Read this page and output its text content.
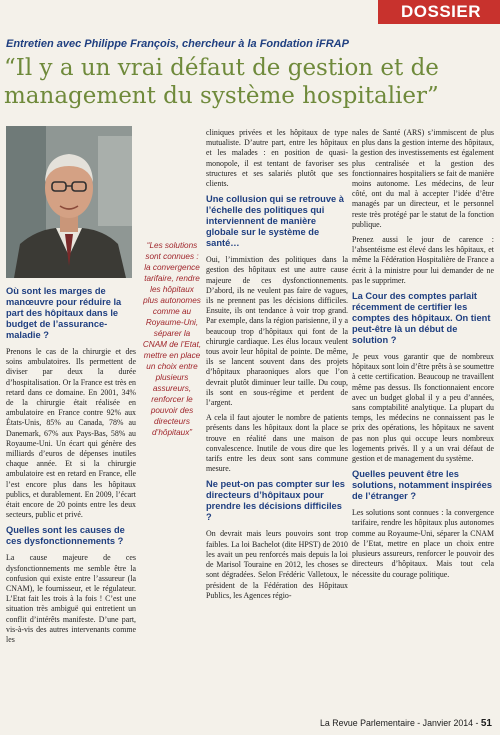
DOSSIER
Entretien avec Philippe François, chercheur à la Fondation iFRAP
“Il y a un vrai défaut de gestion et de management du système hospitalier”

Où sont les marges de manœuvre pour réduire la part des hôpitaux dans le budget de l’assurance-maladie ?

Prenons le cas de la chirurgie et des soins ambulatoires. Ils permettent de diviser par deux la durée d’hospitalisation. Or la France est très en retard dans ce domaine. En 2001, 34% de la chirurgie était réalisée en ambulatoire en France contre 92% aux États-Unis, 85% au Canada, 78% au Danemark, 67% aux Pays-Bas, 58% au Royaume-Uni. Un écart qui génère des milliards d’euros de dépenses inutiles chaque année. Et si la chirurgie ambulatoire est en retard en France, elle l’est encore plus dans les hôpitaux publics, et durablement. En 2009, l’écart était encore de 20 points entre les deux secteurs, public et privé.

Quelles sont les causes de ces dysfonctionnements ?

La cause majeure de ces dysfonctionnements me semble être la confusion qui existe entre l’assureur (la CNAM), le fournisseur, et le régulateur. L’Etat fait les trois à la fois ! C’est une situation très ambiguë qui entretient un conflit d’intérêts manifeste. D’une part, vis-à-vis des autres intervenants comme les

“Les solutions sont connues : la convergence tarifaire, rendre les hôpitaux plus autonomes comme au Royaume-Uni, séparer la CNAM de l’Etat, mettre en place un choix entre plusieurs assureurs, renforcer le pouvoir des directeurs d’hôpitaux”

cliniques privées et les hôpitaux de type mutualiste. D’autre part, entre les hôpitaux et les malades : en position de quasi-monopole, il est tentant de favoriser ses structures et ses salariés plutôt que ses clients.

Une collusion qui se retrouve à l’échelle des politiques qui interviennent de manière globale sur le système de santé…

Oui, l’immixtion des politiques dans la gestion des hôpitaux est une autre cause majeure de ces dysfonctionnements. D’abord, ils ne veulent pas faire de vagues, ils ne prennent pas les décisions difficiles. Ensuite, ils ont tendance à voir trop grand. Par exemple, dans la région parisienne, il y a beaucoup trop d’hôpitaux qui font de la chirurgie cardiaque. Les élus locaux veulent tous avoir leur hôpital de pointe. De même, ils se lancent souvent dans des projets d’hôpitaux pharaoniques alors que l’on devrait plutôt diminuer leur taille. Du coup, ils sont en sous-régime et perdent de l’argent.

A cela il faut ajouter le nombre de patients présents dans les hôpitaux dont la place se trouve en réalité dans une maison de convalescence. Inutile de vous dire que les tarifs entre les deux sont sans commune mesure.

Ne peut-on pas compter sur les directeurs d’hôpitaux pour prendre les décisions difficiles ?

On devrait mais leurs pouvoirs sont trop faibles. La loi Bachelot (dite HPST) de 2010 les avait un peu renforcés mais depuis la loi de Marisol Touraine en 2012, les choses se sont dégradées. Selon Frédéric Valletoux, le président de la Fédération des Hôpitaux Publics, les Agences régio-

nales de Santé (ARS) s’immiscent de plus en plus dans la gestion interne des hôpitaux, la gestion des investissements est également plus centralisée et la gestion des fonctionnaires hospitaliers se fait de manière moins autonome. Les médecins, de leur côté, ont du mal à accepter l’idée d’être managés par un directeur, et le personnel reste très protégé par le statut de la fonction publique.

Prenez aussi le jour de carence : l’absentéisme est élevé dans les hôpitaux, et même la Fédération Hospitalière de France a écrit à la ministre pour lui demander de ne pas le supprimer.

La Cour des comptes parlait récemment de certifier les comptes des hôpitaux. On tient peut-être là un début de solution ?

Je peux vous garantir que de nombreux hôpitaux sont loin d’être prêts à se soumettre à cette certification. Beaucoup ne travaillent même pas dessus. Ils fonctionnaient encore avec un budget global il y a peu d’années, sans comptabilité analytique. La plupart du temps, les médecins ne connaissent pas le prix des opérations, les hôpitaux ne savent pas non plus qui occupe leurs nombreux logements privés. Il y a un vrai défaut de gestion et de management du système.

Quelles peuvent être les solutions, notamment inspirées de l’étranger ?

Les solutions sont connues : la convergence tarifaire, rendre les hôpitaux plus autonomes comme au Royaume-Uni, séparer la CNAM de l’Etat, mettre en place un choix entre plusieurs assureurs, renforcer le pouvoir des directeurs d’hôpitaux. Mais tout cela nécessite du courage politique.

La Revue Parlementaire - Janvier 2014 - 51
